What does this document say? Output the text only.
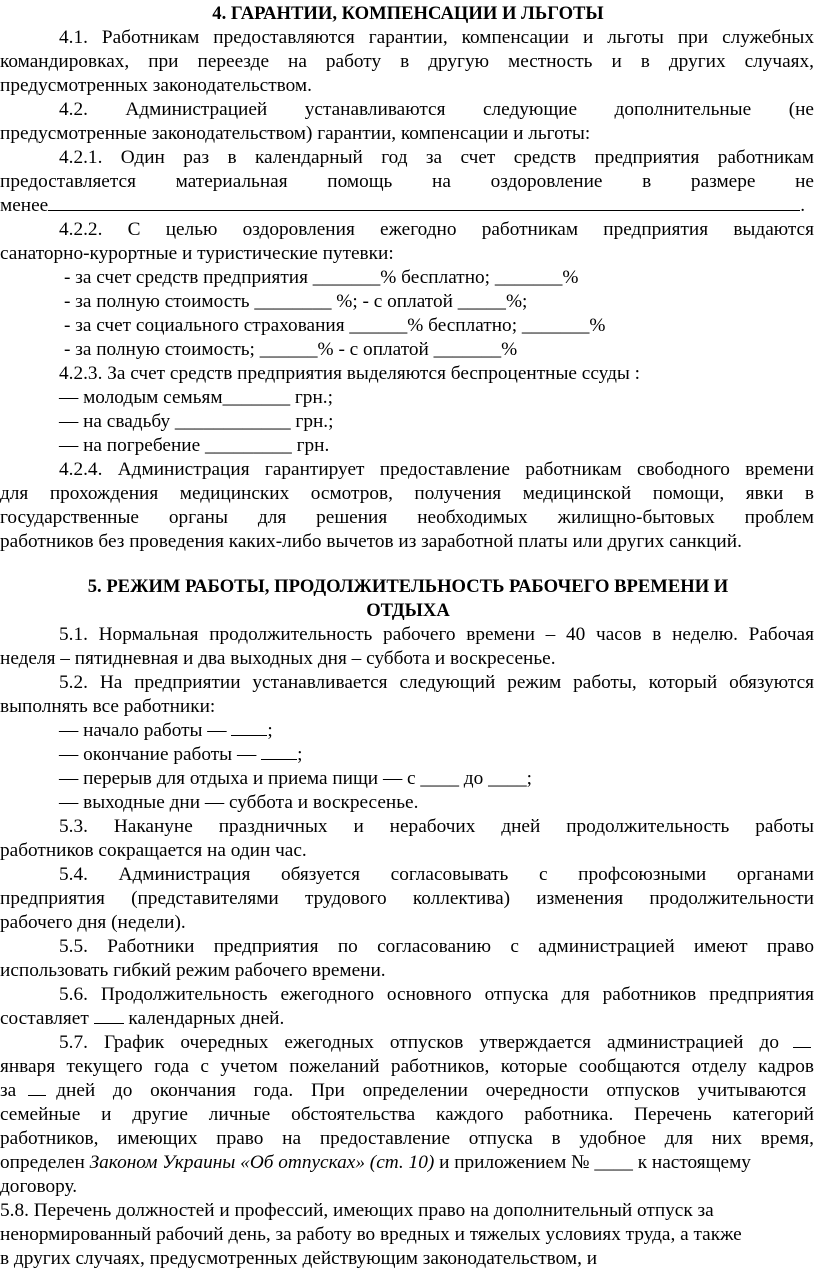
4. ГАРАНТИИ, КОМПЕНСАЦИИ И ЛЬГОТЫ
4.1. Работникам предоставляются гарантии, компенсации и льготы при служебных
командировках, при переезде на работу в другую местность и в других случаях,
предусмотренных законодательством.
4.2. Администрацией устанавливаются следующие дополнительные (не
предусмотренные законодательством) гарантии, компенсации и льготы:
4.2.1. Один раз в календарный год за счет средств предприятия работникам
предоставляется материальная помощь на оздоровление в размере не
менее	.
4.2.2. С целью оздоровления ежегодно работникам предприятия выдаются
санаторно-курортные и туристические путевки:
- за счет средств предприятия _______% бесплатно; _______%
- за полную стоимость ________ %; - с оплатой _____%;
- за счет социального страхования ______% бесплатно; _______%
- за полную стоимость; ______% - с оплатой _______%
4.2.3. За счет средств предприятия выделяются беспроцентные ссуды :
— молодым семьям_______ грн.;
— на свадьбу ____________ грн.;
— на погребение _________ грн.
4.2.4. Администрация гарантирует предоставление работникам свободного времени
для прохождения медицинских осмотров, получения медицинской помощи, явки в
государственные органы для решения необходимых жилищно-бытовых проблем
работников без проведения каких-либо вычетов из заработной платы или других санкций.
5. РЕЖИМ РАБОТЫ, ПРОДОЛЖИТЕЛЬНОСТЬ РАБОЧЕГО ВРЕМЕНИ И
ОТДЫХА
5.1. Нормальная продолжительность рабочего времени – 40 часов в неделю. Рабочая
неделя – пятидневная и два выходных дня – суббота и воскресенье.
5.2. На предприятии устанавливается следующий режим работы, который обязуются
выполнять все работники:
— начало работы — ;
— окончание работы — ;
— перерыв для отдыха и приема пищи — с ____ до ____;
— выходные дни — суббота и воскресенье.
5.3. Накануне праздничных и нерабочих дней продолжительность работы
работников сокращается на один час.
5.4. Администрация обязуется согласовывать с профсоюзными органами
предприятия (представителями трудового коллектива) изменения продолжительности
рабочего дня (недели).
5.5. Работники предприятия по согласованию с администрацией имеют право
использовать гибкий режим рабочего времени.
5.6. Продолжительность ежегодного основного отпуска для работников предприятия
составляет  календарных дней.
5.7. График очередных ежегодных отпусков утверждается администрацией до
января текущего года с учетом пожеланий работников, которые сообщаются отделу кадров
за дней до окончания года. При определении очередности отпусков учитываются
семейные и другие личные обстоятельства каждого работника. Перечень категорий
работников, имеющих право на предоставление отпуска в удобное для них время,
определен Законом Украины «Об отпусках» (ст. 10) и приложением № ____ к настоящему
договору.
5.8. Перечень должностей и профессий, имеющих право на дополнительный отпуск за
ненормированный рабочий день, за работу во вредных и тяжелых условиях труда, а также
в других случаях, предусмотренных действующим законодательством, и
